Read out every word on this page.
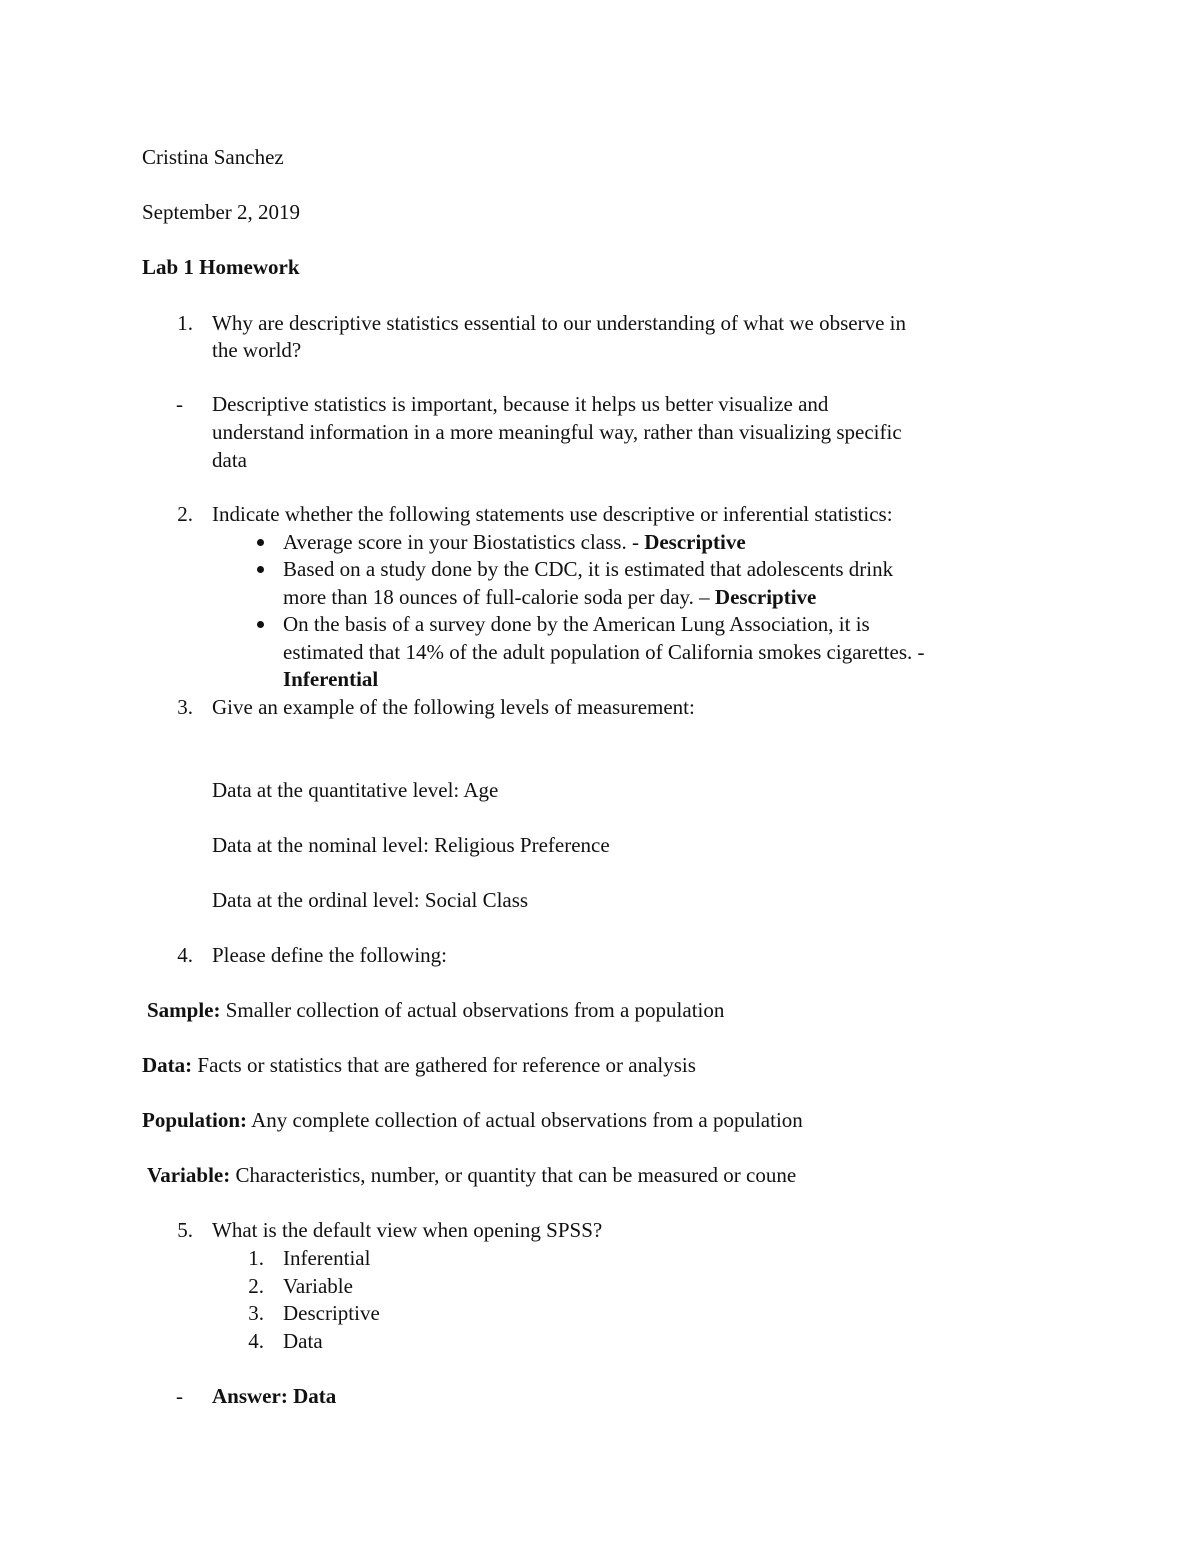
Cristina Sanchez
September 2, 2019
Lab 1 Homework
1. Why are descriptive statistics essential to our understanding of what we observe in
the world?
- Descriptive statistics is important, because it helps us better visualize and
understand information in a more meaningful way, rather than visualizing specific
data
2. Indicate whether the following statements use descriptive or inferential statistics:
Average score in your Biostatistics class. - Descriptive
Based on a study done by the CDC, it is estimated that adolescents drink
more than 18 ounces of full-calorie soda per day. – Descriptive
On the basis of a survey done by the American Lung Association, it is
estimated that 14% of the adult population of California smokes cigarettes. -
Inferential
3. Give an example of the following levels of measurement:
Data at the quantitative level: Age
Data at the nominal level: Religious Preference
Data at the ordinal level: Social Class
4. Please define the following:
Sample: Smaller collection of actual observations from a population
Data: Facts or statistics that are gathered for reference or analysis
Population: Any complete collection of actual observations from a population
Variable: Characteristics, number, or quantity that can be measured or coune
5. What is the default view when opening SPSS?
1. Inferential
2. Variable
3. Descriptive
4. Data
- Answer: Data
